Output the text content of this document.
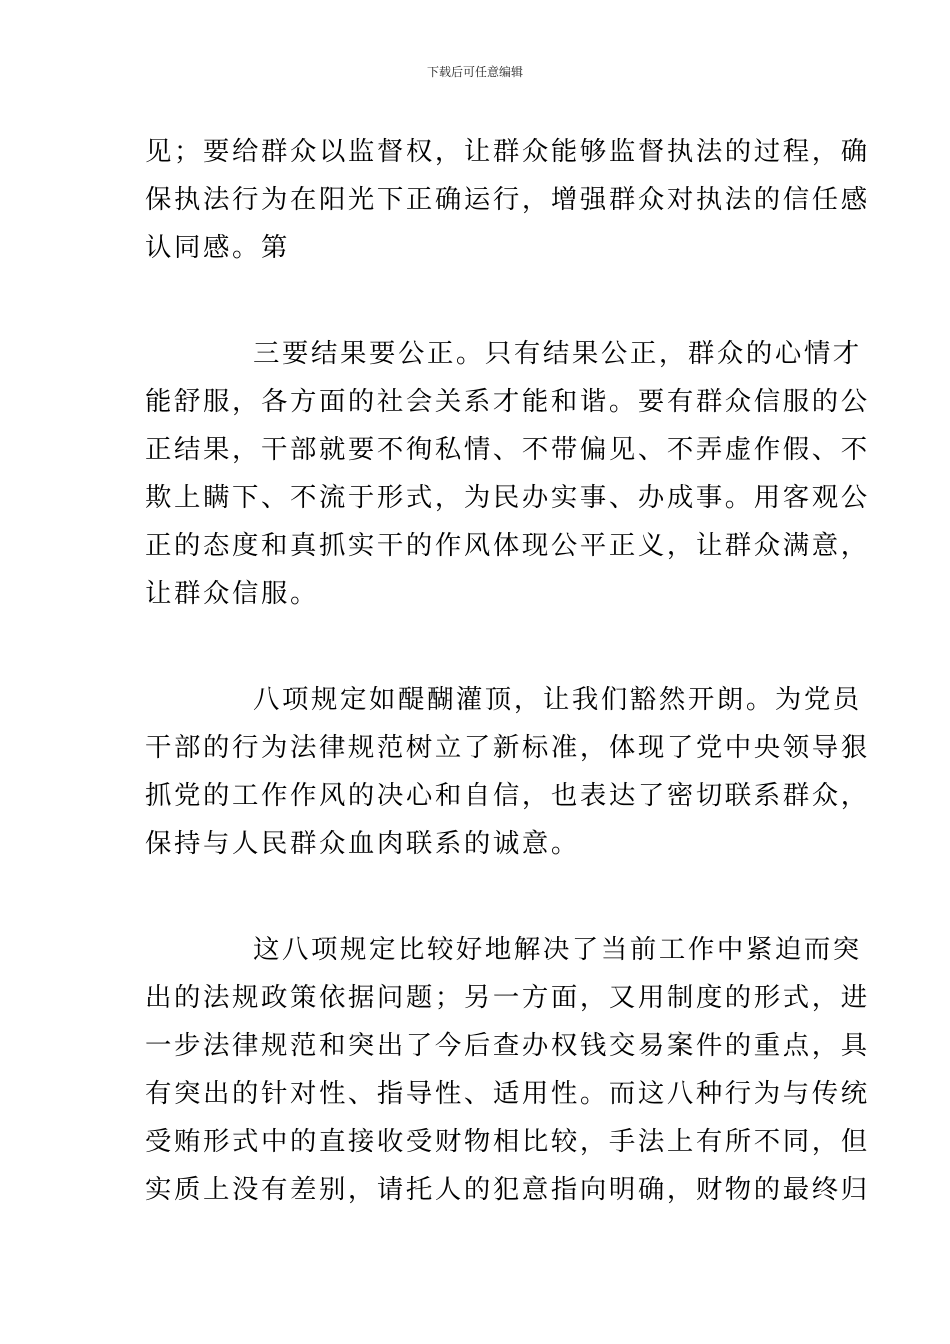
下载后可任意编辑
见；要给群众以监督权，让群众能够监督执法的过程，确
保执法行为在阳光下正确运行，增强群众对执法的信任感
认同感。第
三要结果要公正。只有结果公正，群众的心情才
能舒服，各方面的社会关系才能和谐。要有群众信服的公
正结果，干部就要不徇私情、不带偏见、不弄虚作假、不
欺上瞒下、不流于形式，为民办实事、办成事。用客观公
正的态度和真抓实干的作风体现公平正义，让群众满意，
让群众信服。
八项规定如醍醐灌顶，让我们豁然开朗。为党员
干部的行为法律规范树立了新标准，体现了党中央领导狠
抓党的工作作风的决心和自信，也表达了密切联系群众，
保持与人民群众血肉联系的诚意。
这八项规定比较好地解决了当前工作中紧迫而突
出的法规政策依据问题；另一方面，又用制度的形式，进
一步法律规范和突出了今后查办权钱交易案件的重点，具
有突出的针对性、指导性、适用性。而这八种行为与传统
受贿形式中的直接收受财物相比较，手法上有所不同，但
实质上没有差别，请托人的犯意指向明确，财物的最终归
